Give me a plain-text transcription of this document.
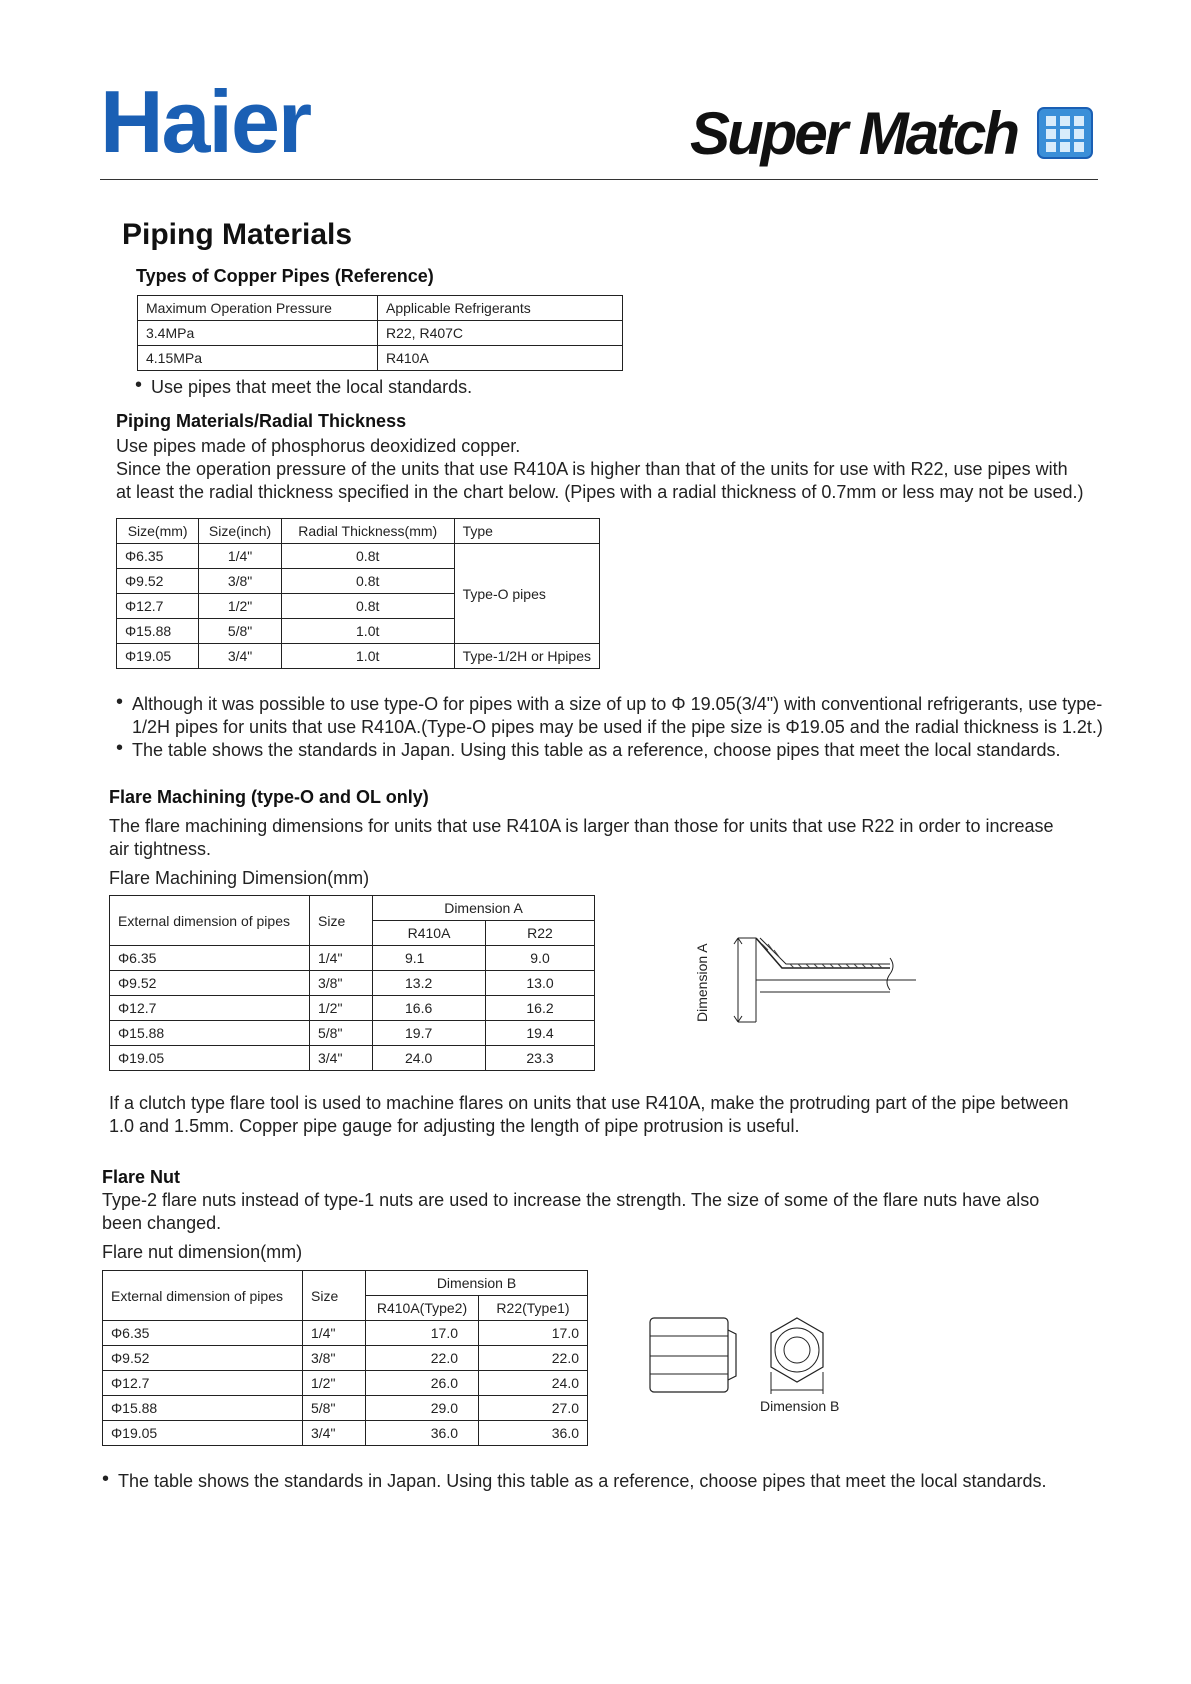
Haier	Super Match
Piping Materials
Types of Copper Pipes (Reference)
Maximum Operation Pressure	Applicable Refrigerants
3.4MPa	R22, R407C
4.15MPa	R410A
• Use pipes that meet the local standards.
Piping Materials/Radial Thickness
Use pipes made of phosphorus deoxidized copper.
Since the operation pressure of the units that use R410A is higher than that of the units for use with R22, use pipes with
at least the radial thickness specified in the chart below. (Pipes with a radial thickness of 0.7mm or less may not be used.)
Size(mm)	Size(inch)	Radial Thickness(mm)	Type
Φ6.35	1/4"	0.8t	Type-O pipes
Φ9.52	3/8"	0.8t	
Φ12.7	1/2"	0.8t	
Φ15.88	5/8"	1.0t	
Φ19.05	3/4"	1.0t	Type-1/2H or Hpipes
• Although it was possible to use type-O for pipes with a size of up to Φ 19.05(3/4") with conventional refrigerants, use type-
1/2H pipes for units that use R410A.(Type-O pipes may be used if the pipe size is Φ19.05 and the radial thickness is 1.2t.)
• The table shows the standards in Japan. Using this table as a reference, choose pipes that meet the local standards.
Flare Machining (type-O and OL only)
The flare machining dimensions for units that use R410A is larger than those for units that use R22 in order to increase
air tightness.
Flare Machining Dimension(mm)
External dimension of pipes	Size	Dimension A	
		R410A	R22
Φ6.35	1/4"	9.1	9.0
Φ9.52	3/8"	13.2	13.0
Φ12.7	1/2"	16.6	16.2
Φ15.88	5/8"	19.7	19.4
Φ19.05	3/4"	24.0	23.3
Dimension A
If a clutch type flare tool is used to machine flares on units that use R410A, make the protruding part of the pipe between
1.0 and 1.5mm. Copper pipe gauge for adjusting the length of pipe protrusion is useful.
Flare Nut
Type-2 flare nuts instead of type-1 nuts are used to increase the strength. The size of some of the flare nuts have also
been changed.
Flare nut dimension(mm)
External dimension of pipes	Size	Dimension B	
		R410A(Type2)	R22(Type1)
Φ6.35	1/4"	17.0	17.0
Φ9.52	3/8"	22.0	22.0
Φ12.7	1/2"	26.0	24.0
Φ15.88	5/8"	29.0	27.0
Φ19.05	3/4"	36.0	36.0
Dimension B
• The table shows the standards in Japan. Using this table as a reference, choose pipes that meet the local standards.
